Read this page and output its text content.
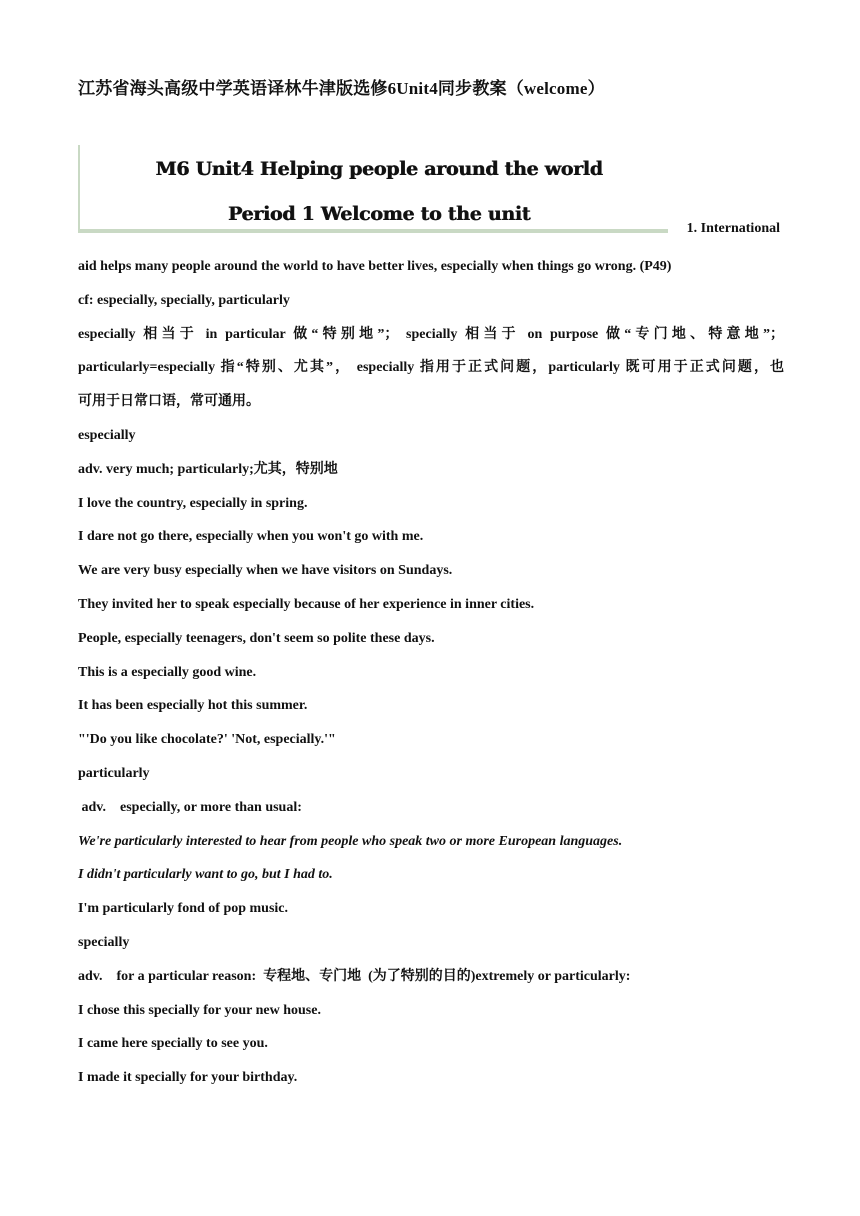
江苏省海头高级中学英语译林牛津版选修6Unit4同步教案（welcome）
M6 Unit4 Helping people around the world
Period 1 Welcome to the unit
1. International
aid helps many people around the world to have better lives, especially when things go wrong. (P49)
cf: especially, specially, particularly
especially 相当于 in particular 做“特别地”； specially 相当于 on purpose 做“专门地、特意地”；
particularly=especially 指“特别、尤其”， especially 指用于正式问题，particularly 既可用于正式问题，也
可用于日常口语，常可通用。
especially
adv. very much; particularly;尤其，特别地
I love the country, especially in spring.
I dare not go there, especially when you won't go with me.
We are very busy especially when we have visitors on Sundays.
They invited her to speak especially because of her experience in inner cities.
People, especially teenagers, don't seem so polite these days.
This is a especially good wine.
It has been especially hot this summer.
"'Do you like chocolate?' 'Not, especially.'"
particularly
adv.    especially, or more than usual:
We're particularly interested to hear from people who speak two or more European languages.
I didn't particularly want to go, but I had to.
I'm particularly fond of pop music.
specially
adv.    for a particular reason:  专程地、专门地  (为了特别的目的)extremely or particularly:
I chose this specially for your new house.
I came here specially to see you.
I made it specially for your birthday.
